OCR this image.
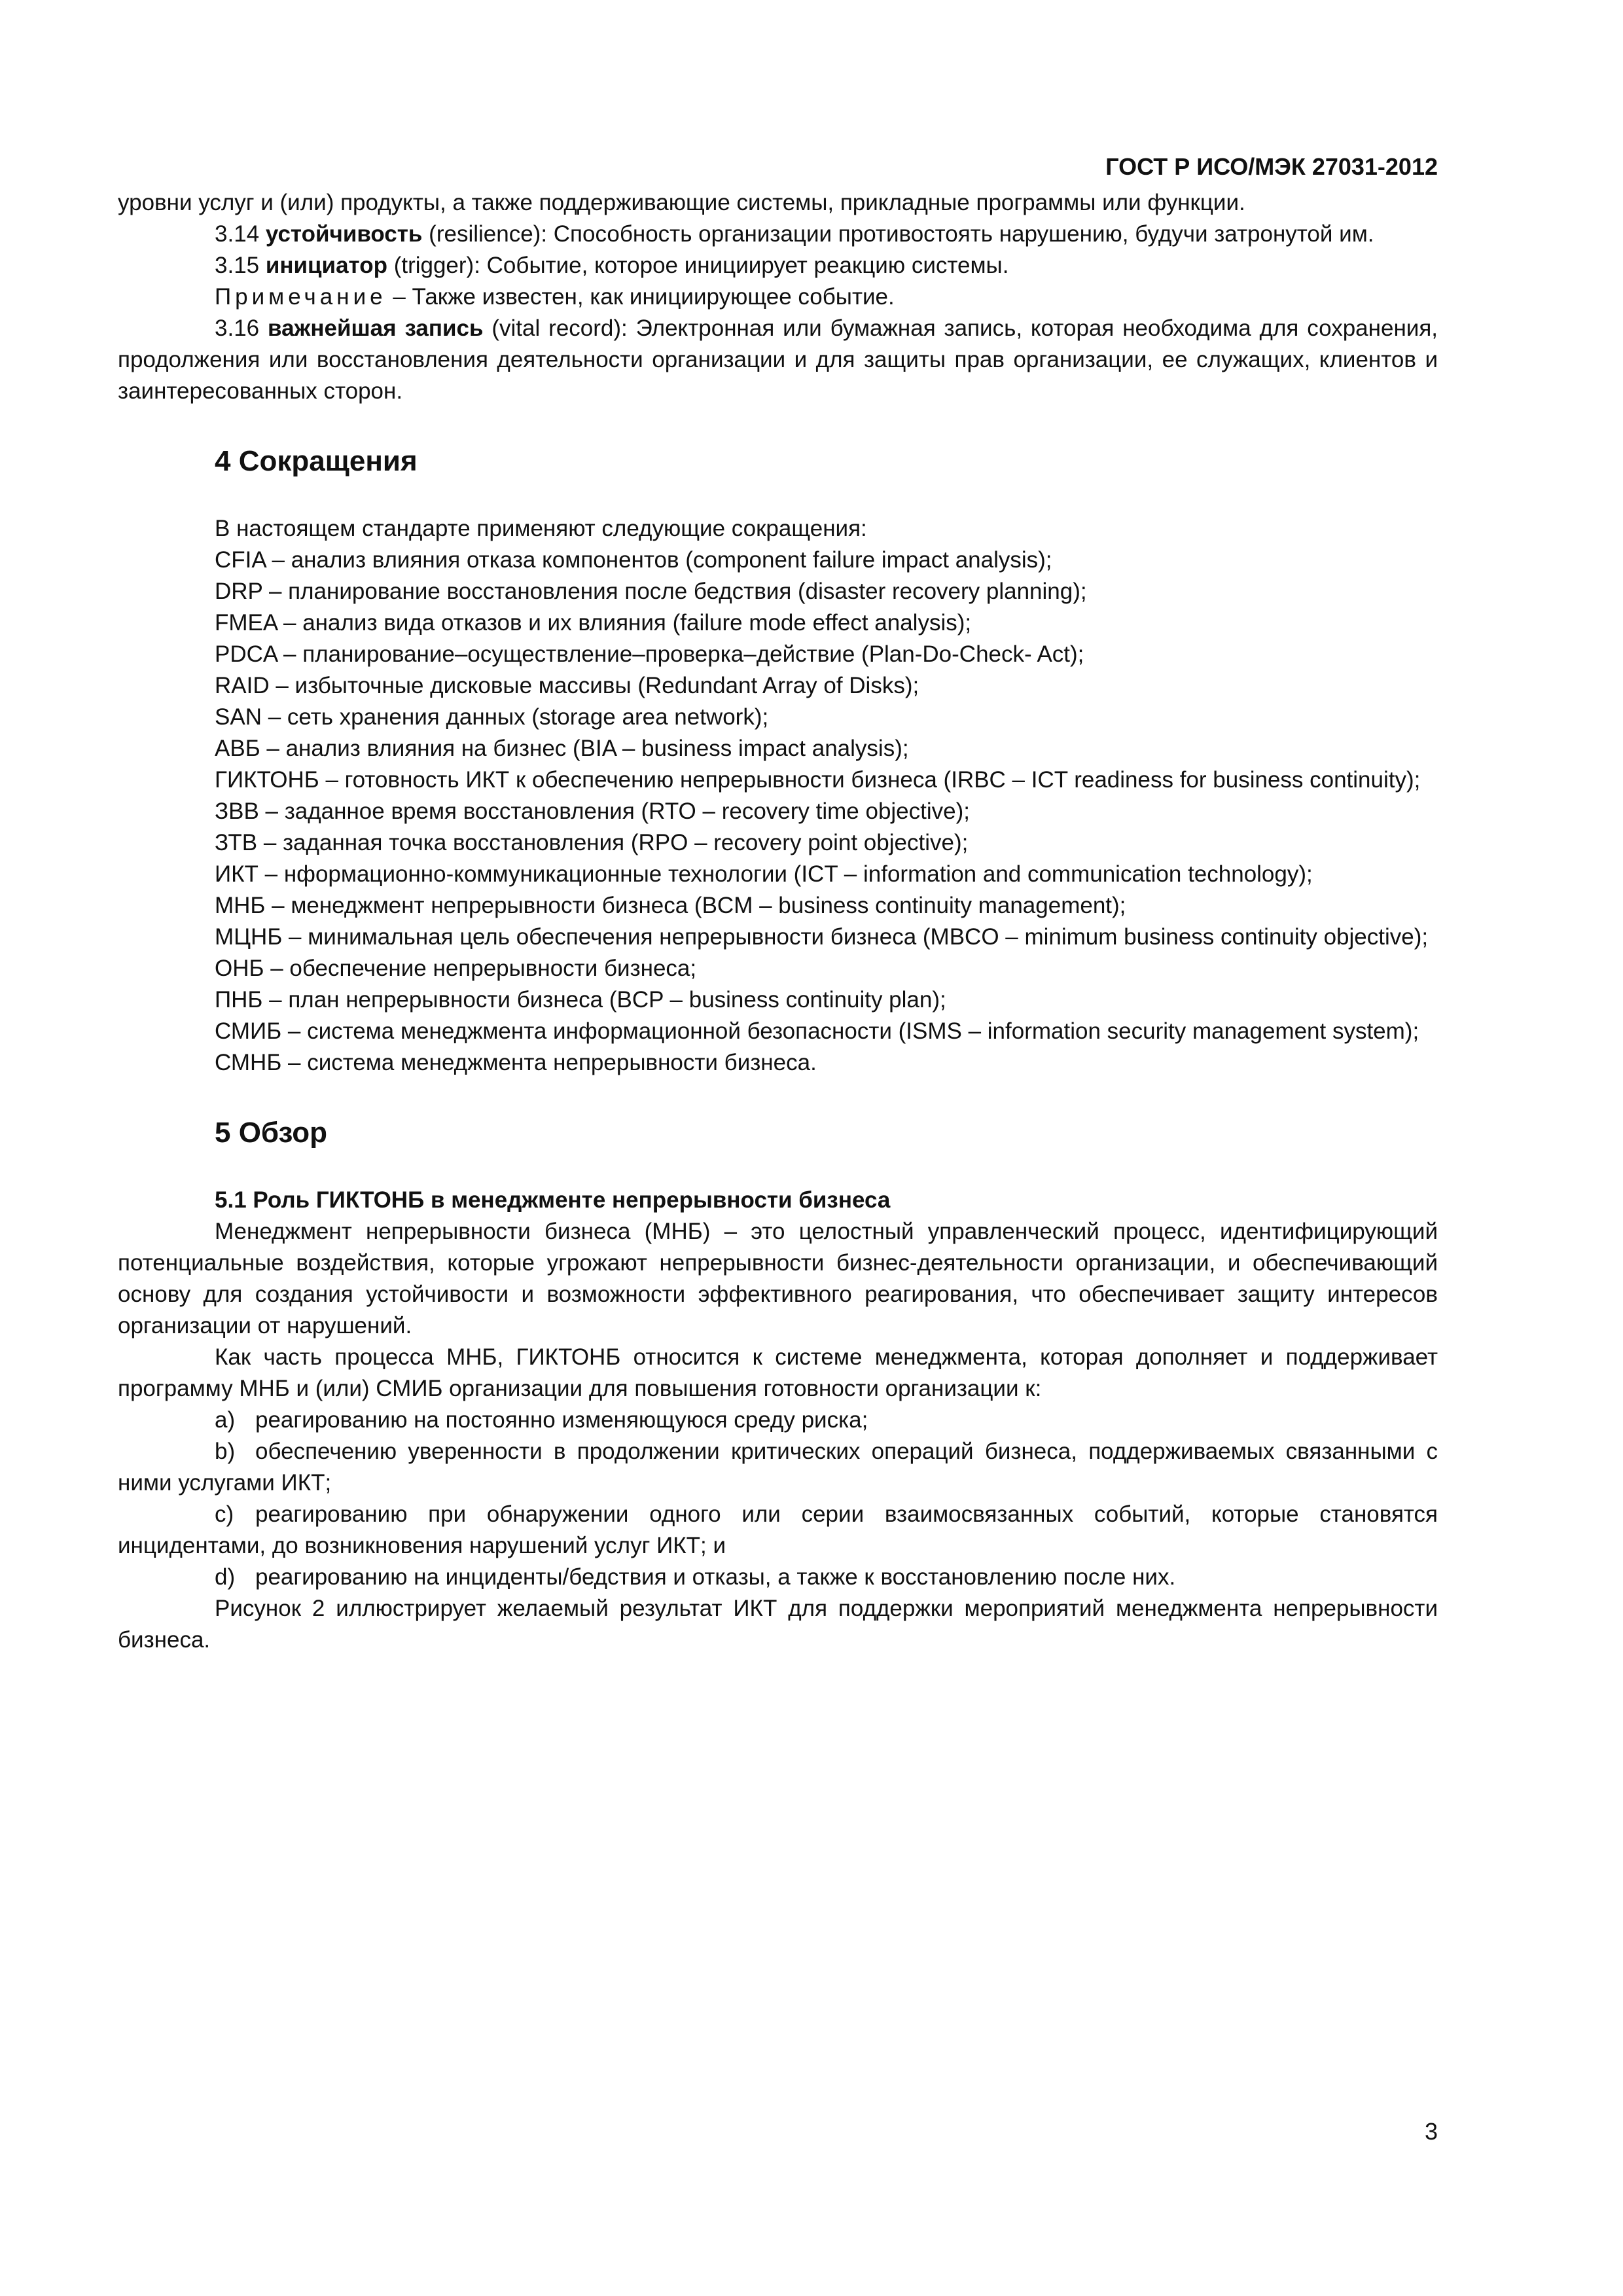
ГОСТ Р ИСО/МЭК 27031-2012

уровни услуг и (или) продукты, а также поддерживающие системы, прикладные программы или функции.

3.14 устойчивость (resilience): Способность организации противостоять нарушению, будучи затронутой им.

3.15 инициатор (trigger): Событие, которое инициирует реакцию системы.

Примечание – Также известен, как инициирующее событие.

3.16 важнейшая запись (vital record): Электронная или бумажная запись, которая необходима для сохранения, продолжения или восстановления деятельности организации и для защиты прав организации, ее служащих, клиентов и заинтересованных сторон.

4 Сокращения

В настоящем стандарте применяют следующие сокращения:

CFIA – анализ влияния отказа компонентов (component failure impact analysis);

DRP – планирование восстановления после бедствия (disaster recovery planning);

FMEA – анализ вида отказов и их влияния (failure mode effect analysis);

PDCA – планирование–осуществление–проверка–действие (Plan-Do-Check- Act);

RAID – избыточные дисковые массивы (Redundant Array of Disks);

SAN – сеть хранения данных (storage area network);

АВБ – анализ влияния на бизнес (BIA – business impact analysis);

ГИКТОНБ – готовность ИКТ к обеспечению непрерывности бизнеса (IRBC – ICT readiness for business continuity);

ЗВВ – заданное время восстановления (RTO – recovery time objective);

ЗТВ – заданная точка восстановления (RPO – recovery point objective);

ИКТ – нформационно-коммуникационные технологии (ICT – information and communication technology);

МНБ – менеджмент непрерывности бизнеса (BCM – business continuity management);

МЦНБ – минимальная цель обеспечения непрерывности бизнеса (MBCO – minimum business continuity objective);

ОНБ – обеспечение непрерывности бизнеса;

ПНБ – план непрерывности бизнеса (BCP – business continuity plan);

СМИБ – система менеджмента информационной безопасности (ISMS – information security management system);

СМНБ – система менеджмента непрерывности бизнеса.

5 Обзор
5.1 Роль ГИКТОНБ в менеджменте непрерывности бизнеса

Менеджмент непрерывности бизнеса (МНБ) – это целостный управленческий процесс, идентифицирующий потенциальные воздействия, которые угрожают непрерывности бизнес-деятельности организации, и обеспечивающий основу для создания устойчивости и возможности эффективного реагирования, что обеспечивает защиту интересов организации от нарушений.

Как часть процесса МНБ, ГИКТОНБ относится к системе менеджмента, которая дополняет и поддерживает программу МНБ и (или) СМИБ организации для повышения готовности организации к:

a) реагированию на постоянно изменяющуюся среду риска;

b) обеспечению уверенности в продолжении критических операций бизнеса, поддерживаемых связанными с ними услугами ИКТ;

c) реагированию при обнаружении одного или серии взаимосвязанных событий, которые становятся инцидентами, до возникновения нарушений услуг ИКТ; и

d) реагированию на инциденты/бедствия и отказы, а также к восстановлению после них.

Рисунок 2 иллюстрирует желаемый результат ИКТ для поддержки мероприятий менеджмента непрерывности бизнеса.

3
